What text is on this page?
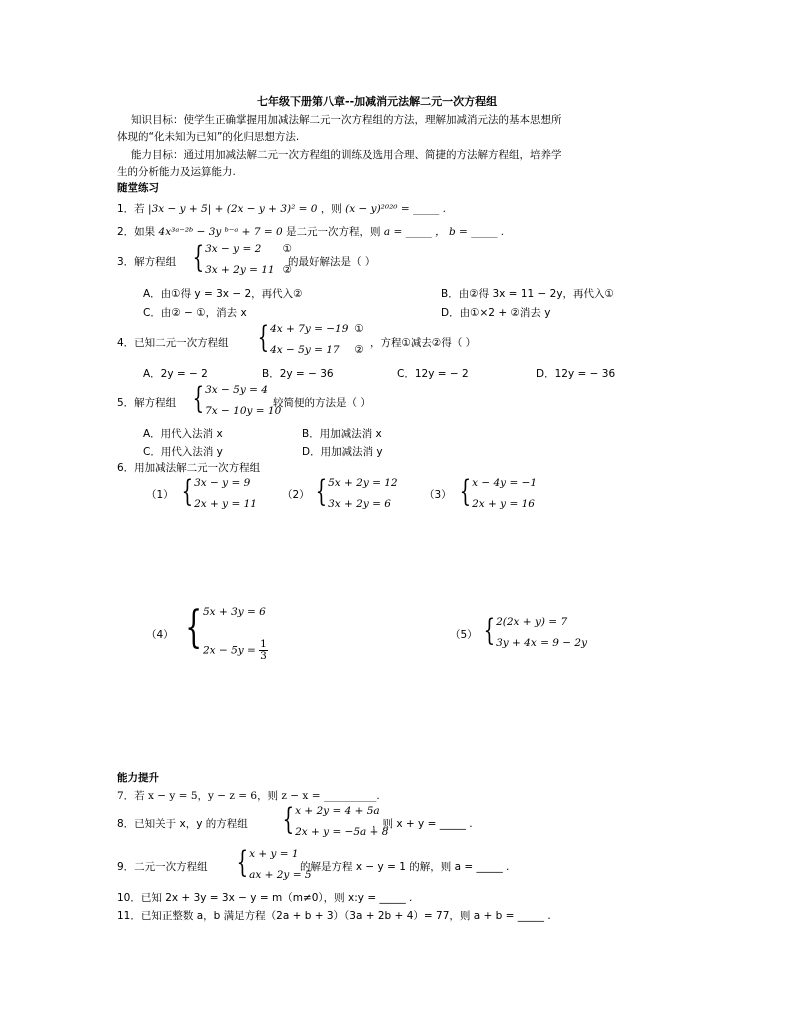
七年级下册第八章--加减消元法解二元一次方程组
知识目标：使学生正确掌握用加减法解二元一次方程组的方法，理解加减消元法的基本思想所
体现的“化未知为已知”的化归思想方法.
能力目标：通过用加减法解二元一次方程组的训练及选用合理、简捷的方法解方程组，培养学
生的分析能力及运算能力.
随堂练习
1．若 |3x − y + 5| + (2x − y + 3)² = 0 ，则 (x − y)²⁰²⁰ = _____ .
2．如果 4x³ᵃ⁻²ᵇ − 3y ᵇ⁻ᵃ + 7 = 0 是二元一次方程，则 a = _____ ， b = _____ .
3．解方程组 { 3x − y = 2
3x + 2y = 11
①
②
的最好解法是（ ）
A．由①得 y = 3x − 2，再代入②	B．由②得 3x = 11 − 2y，再代入①
C．由② − ①，消去 x	D．由①×2 + ②消去 y
4．已知二元一次方程组 { 4x + 7y = −19
4x − 5y = 17
①
②
，方程①减去②得（ ）
A．2y = − 2	B．2y = − 36	C．12y = − 2	D．12y = − 36
5．解方程组 { 3x − 5y = 4
7x − 10y = 10
较简便的方法是（ ）
A．用代入法消 x	B．用加减法消 x
C．用代入法消 y	D．用加减法消 y
6．用加减法解二元一次方程组
（1） { 3x − y = 9
2x + y = 11
（2） { 5x + 2y = 12
3x + 2y = 6
（3） { x − 4y = −1
2x + y = 16
（4） { 5x + 3y = 6
$2x - 5y = \frac{1}{3}$
（5） { 2(2x + y) = 7
3y + 4x = 9 − 2y
能力提升
7．若 x − y = 5，y − z = 6，则 z − x = __________.
8．已知关于 x，y 的方程组 { x + 2y = 4 + 5a
2x + y = −5a + 8
，则 x + y = _____ .
9．二元一次方程组 { x + y = 1
ax + 2y = 5
的解是方程 x − y = 1 的解，则 a = _____ .
10．已知 2x + 3y = 3x − y = m（m≠0），则 x:y = _____ .
11．已知正整数 a，b 满足方程（2a + b + 3）（3a + 2b + 4）= 77，则 a + b = _____ .
